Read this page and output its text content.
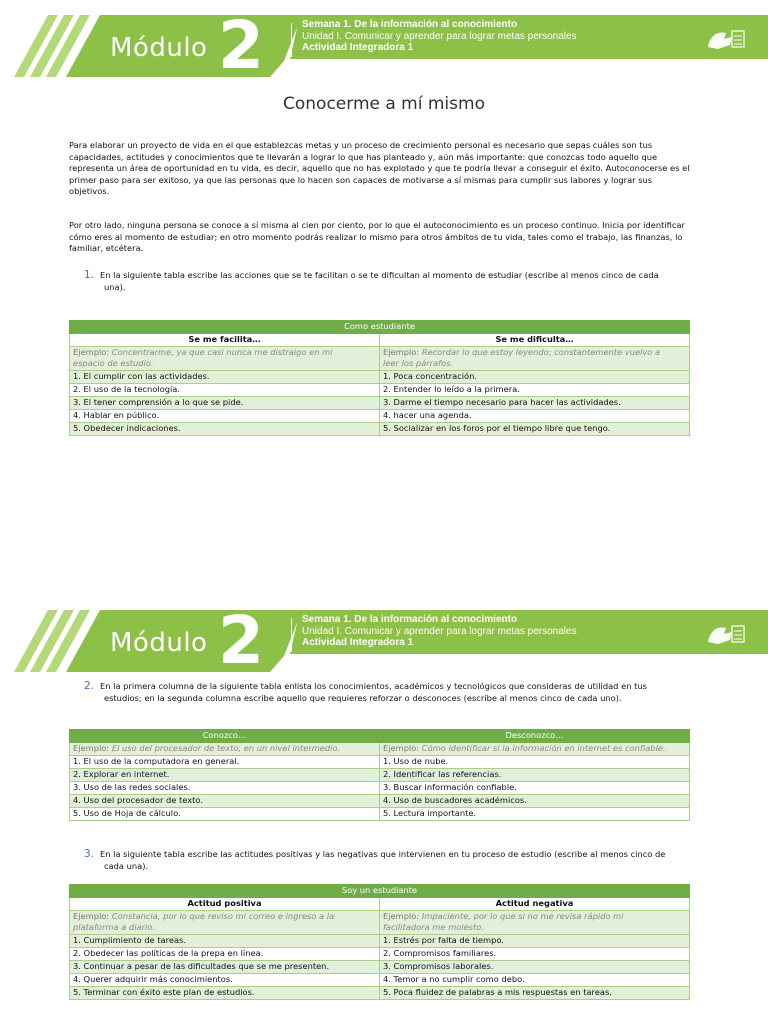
Módulo 2	Semana 1. De la información al conocimiento
Unidad I. Comunicar y aprender para lograr metas personales
Actividad Integradora 1
Conocerme a mí mismo

Para elaborar un proyecto de vida en el que establezcas metas y un proceso de crecimiento personal es necesario que sepas cuáles son tus capacidades, actitudes y conocimientos que te llevarán a lograr lo que has planteado y, aún más importante: que conozcas todo aquello que representa un área de oportunidad en tu vida, es decir, aquello que no has explotado y que te podría llevar a conseguir el éxito. Autoconocerse es el primer paso para ser exitoso, ya que las personas que lo hacen son capaces de motivarse a sí mismas para cumplir sus labores y lograr sus objetivos.

Por otro lado, ninguna persona se conoce a sí misma al cien por ciento, por lo que el autoconocimiento es un proceso continuo. Inicia por identificar cómo eres al momento de estudiar; en otro momento podrás realizar lo mismo para otros ámbitos de tu vida, tales como el trabajo, las finanzas, lo familiar, etcétera.

1. En la siguiente tabla escribe las acciones que se te facilitan o se te dificultan al momento de estudiar (escribe al menos cinco de cada
una).
Como estudiante	
Se me facilita…	Se me dificulta…
Ejemplo: Concentrarme, ya que casi nunca me distraigo en mi
espacio de estudio.	Ejemplo: Recordar lo que estoy leyendo; constantemente vuelvo a
leer los párrafos.
1. El cumplir con las actividades.	1. Poca concentración.
2. El uso de la tecnología.	2. Entender lo leído a la primera.
3. El tener comprensión a lo que se pide.	3. Darme el tiempo necesario para hacer las actividades.
4. Hablar en público.	4. hacer una agenda.
5. Obedecer indicaciones.	5. Socializar en los foros por el tiempo libre que tengo.
Módulo 2	Semana 1. De la información al conocimiento
Unidad I. Comunicar y aprender para lograr metas personales
Actividad Integradora 1
2. En la primera columna de la siguiente tabla enlista los conocimientos, académicos y tecnológicos que consideras de utilidad en tus
estudios; en la segunda columna escribe aquello que requieres reforzar o desconoces (escribe al menos cinco de cada uno).
Conozco…	Desconozco…
Ejemplo: El uso del procesador de texto, en un nivel intermedio.	Ejemplo: Cómo identificar si la información en internet es confiable.
1. El uso de la computadora en general.	1. Uso de nube.
2. Explorar en internet.	2. Identificar las referencias.
3. Uso de las redes sociales.	3. Buscar información confiable.
4. Uso del procesador de texto.	4. Uso de buscadores académicos.
5. Uso de Hoja de cálculo.	5. Lectura importante.
3. En la siguiente tabla escribe las actitudes positivas y las negativas que intervienen en tu proceso de estudio (escribe al menos cinco de
cada una).
Soy un estudiante	
Actitud positiva	Actitud negativa
Ejemplo: Constancia, por lo que reviso mi correo e ingreso a la
plataforma a diario.	Ejemplo: Impaciente, por lo que si no me revisa rápido mi
facilitadora me molesto.
1. Cumplimiento de tareas.	1. Estrés por falta de tiempo.
2. Obedecer las políticas de la prepa en línea.	2. Compromisos familiares.
3. Continuar a pesar de las dificultades que se me presenten.	3. Compromisos laborales.
4. Querer adquirir más conocimientos.	4. Temor a no cumplir como debo.
5. Terminar con éxito este plan de estudios.	5. Poca fluidez de palabras a mis respuestas en tareas.
